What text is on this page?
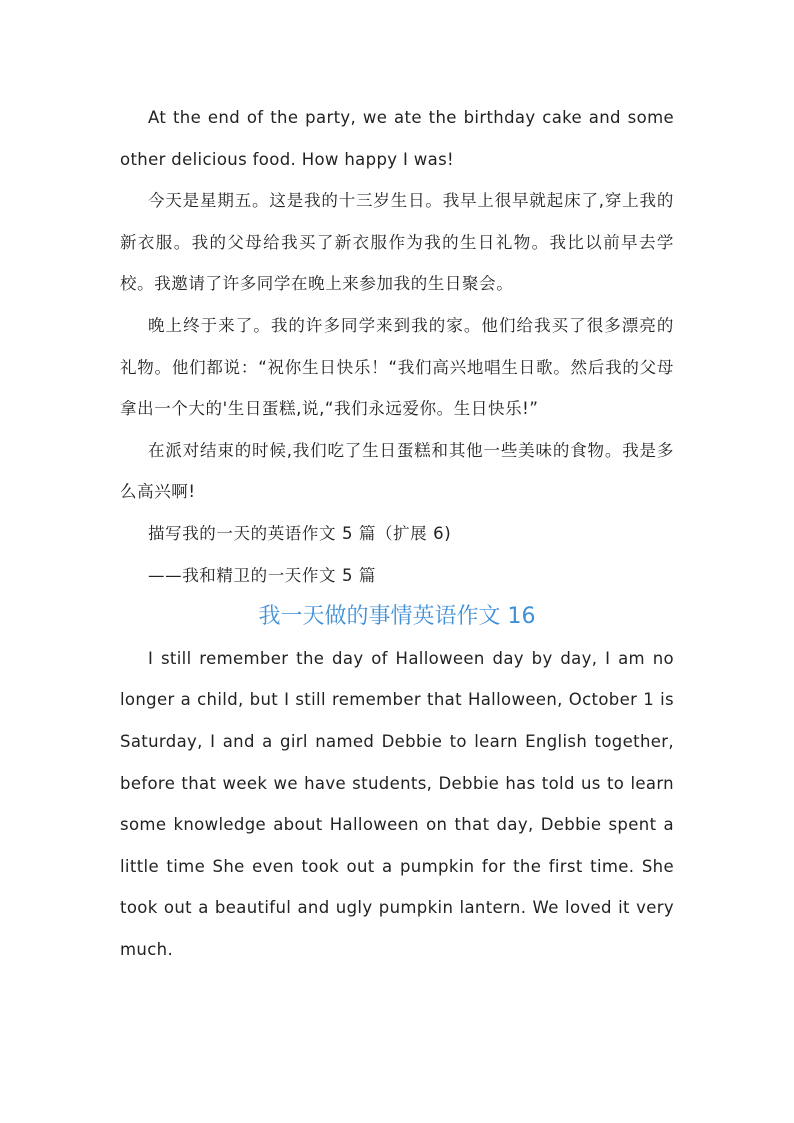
At the end of the party, we ate the birthday cake and some other delicious food. How happy I was!

今天是星期五。这是我的十三岁生日。我早上很早就起床了,穿上我的新衣服。我的父母给我买了新衣服作为我的生日礼物。我比以前早去学校。我邀请了许多同学在晚上来参加我的生日聚会。

晚上终于来了。我的许多同学来到我的家。他们给我买了很多漂亮的礼物。他们都说：“祝你生日快乐！“我们高兴地唱生日歌。然后我的父母拿出一个大的'生日蛋糕,说,“我们永远爱你。生日快乐!”

在派对结束的时候,我们吃了生日蛋糕和其他一些美味的食物。我是多么高兴啊!

描写我的一天的英语作文 5 篇（扩展 6)

——我和精卫的一天作文 5 篇

我一天做的事情英语作文 16

I still remember the day of Halloween day by day, I am no longer a child, but I still remember that Halloween, October 1 is Saturday, I and a girl named Debbie to learn English together, before that week we have students, Debbie has told us to learn some knowledge about Halloween on that day, Debbie spent a little time She even took out a pumpkin for the first time. She took out a beautiful and ugly pumpkin lantern. We loved it very much.
